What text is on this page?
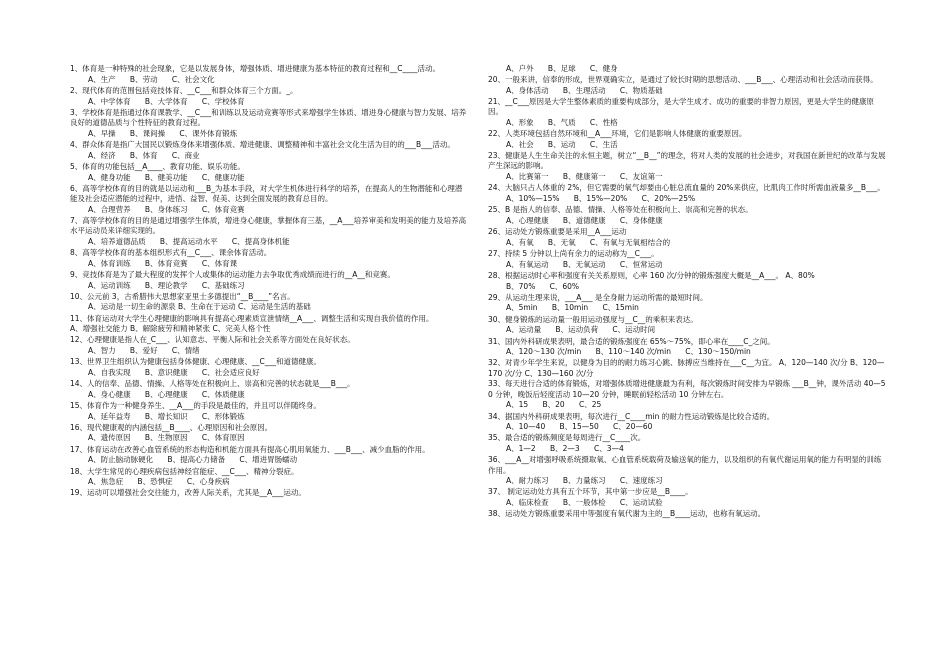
1、体育是一种特殊的社会现象，它是以发展身体，增强体质、增进健康为基本特征的教育过程和__C____活动。
A、生产      B、劳动      C、社会文化
2、现代体育的范围包括竞技体育、__C___和群众体育三个方面。_。
A、中学体育      B、大学体育      C、学校体育
3、学校体育是指通过体育课教学、__C___和训练以及运动竞赛等形式来增强学生体质、增进身心健康与智力发展、培养良好的道德品质与个性特征的教育过程。
A、早操      B、课间操      C、课外体育锻炼
4、群众体育是指广大国民以锻炼身体来增强体质、增进健康、调整精神和丰富社会文化生活为目的的___B___活动。
A、经济      B、体育      C、商业
5、体育的功能包括__A____、教育功能、娱乐功能。
A、健身功能      B、健美功能      C、健康功能
6、高等学校体育的目的就是以运动和___B_为基本手段，对大学生机体进行科学的培养，在提高人的生物潜能和心理潜能及社会适应潜能的过程中，进悟、益智、促美、达到全面发展的教育总目的。
A、合理营养      B、身体练习      C、体育竞赛
7、高等学校体育的目的是通过增强学生体质，增进身心健康，掌握体育三基，__A___培养审美和发明美的能力及培养高水平运动员来详细实现的。
A、培养道德品质      B、提高运动水平      C、提高身体机能
8、高等学校体育的基本组织形式有__C___、课余体育活动。
A、体育训练      B、体育竞赛      C、体育课
9、竞技体育是为了最大程度的发挥个人或集体的运动能力去争取优秀成绩而进行的__A__和竞赛。
A、运动训练      B、理论教学      C、基础练习
10、公元前 3，古希腊伟大思想家亚里士多德提出“__B____”名言。
A、运动是一切生命的源泉 B、生命在于运动 C、运动是生活的基础
11、体育运动对大学生心理健康的影响具有提高心理素质宣泄情绪__A___、调整生活和实现自我价值的作用。
A、增强社交能力 B、解除疲劳和精神紧张 C、完美人格个性
12、心理健康是指人在_C___、认知意志、平衡人际和社会关系等方面处在良好状态。
A、智力      B、爱好      C、情绪
13、世界卫生组织认为健康包括身体健康、心理健康、__C___和道德健康。
A、自我实现      B、意识健康      C、社会适应良好
14、人的信奉、品德、情操、人格等处在积极向上、崇高和完善的状态就是___B___。
A、身心健康      B、心理健康      C、体质健康
15、体育作为一种健身养生、__A___的手段是最佳的，并且可以伴随终身。
A、延年益寿      B、增长知识      C、形体锻炼
16、现代健康观的内涵包括__B____、心理原因和社会原因。
A、遗传原因      B、生物原因      C、体育原因
17、体育运动在改善心血管系统的形态构造和机能方面具有提高心肌用氧能力、___B___、减少血脂的作用。
A、防止脑动脉硬化      B、提高心力储备      C、增进胃肠蠕动
18、大学生常见的心理疾病包括神经官能症、__C___、精神分裂症。
A、焦急症      B、恐惧症      C、心身疾病
19、运动可以增强社会交往能力，改善人际关系，尤其是__A___运动。
A、户外      B、足球      C、健身
20、一般来讲，信奉的形成，世界观确实立，是通过了较长时期的思想活动、___B___、心理活动和社会活动而获得。
A、身体活动      B、生理活动      C、物质基础
21、__C___原因是大学生整体素质的重要构成部分，是大学生成才、成功的重要的非智力原因，更是大学生的健康原因。
A、形象      B、气质      C、性格
22、人类环境包括自然环境和__A___环境，它们是影响人体健康的重要原因。
A、社会      B、运动      C、生活
23、健康是人生生命关注的永恒主题，树立“__B__”的理念，将对人类的发展的社会进步，对我国在新世纪的改革与发展产生深远的影响。
A、比赛第一      B、健康第一      C、友谊第一
24、大脑只占人体重的 2%，但它需要的氧气却要由心脏总流血量的 20%来供应，比肌肉工作时所需血液量多__B___。
A、10%—15%      B、15%—20%      C、20%—25%
25、B 是指人的信奉、品德、情操、人格等处在积极向上、崇高和完善的状态。
A、心理健康      B、道德健康      C、身体健康
26、运动处方锻炼重要是采用__A___运动
A、有氧      B、无氧      C、有氧与无氧相结合的
27、持续 5 分钟以上尚有余力的运动称为__C___。
A、有氧运动      B、无氧运动      C、恒常运动
28、根据运动时心率和强度有关关系原则，心率 160 次/分钟的锻炼强度大概是__A___。 A、80%
B、70%      C、60%
29、从运动生理来说，___A___ 是全身耐力运动所需的最短时间。
A、5min      B、10min      C、15min
30、健身锻炼的运动量一般用运动强度与__C__的乘积来表达。
A、运动量      B、运动负荷      C、运动时间
31、国内外科研成果表明，最合适的锻炼强度在 65%～75%，即心率在____C_之间。
A、120～130 次/min      B、110～140 次/min      C、130～150/min
32、对青少年学生来说，以健身为目的的耐力练习心跳、脉搏应当维持在___C__为宜。 A、120—140 次/分 B、120—170 次/分 C、130—160 次/分
33、每天进行合适的体育锻炼，对增强体质增进健康最为有利，每次锻炼时间安排为早锻炼 ___B__钟，课外活动 40—50 分钟，晚饭后轻度活动 10—20 分钟，睡眠前轻松活动 10 分钟左右。
A、15      B、20      C、25
34、据国内外科研成果表明，每次进行__C____min 的耐力性运动锻炼是比较合适的。
A、10—40      B、15—50      C、20—60
35、最合适的锻炼频度是每周进行__C____次。
A、1—2      B、2—3      C、3—4
36、___A__对增强呼吸系统摄取氧、心血管系统载荷及输送氧的能力，以及组织的有氧代谢运用氧的能力有明显的训练作用。
A、耐力练习      B、力量练习      C、速度练习
37、 制定运动处方具有五个环节，其中第一步应是__B____。
A、临床检查      B、一般体检      C、运动试验
38、运动处方锻炼重要采用中等强度有氧代谢为主的__B____运动，也称有氧运动。
